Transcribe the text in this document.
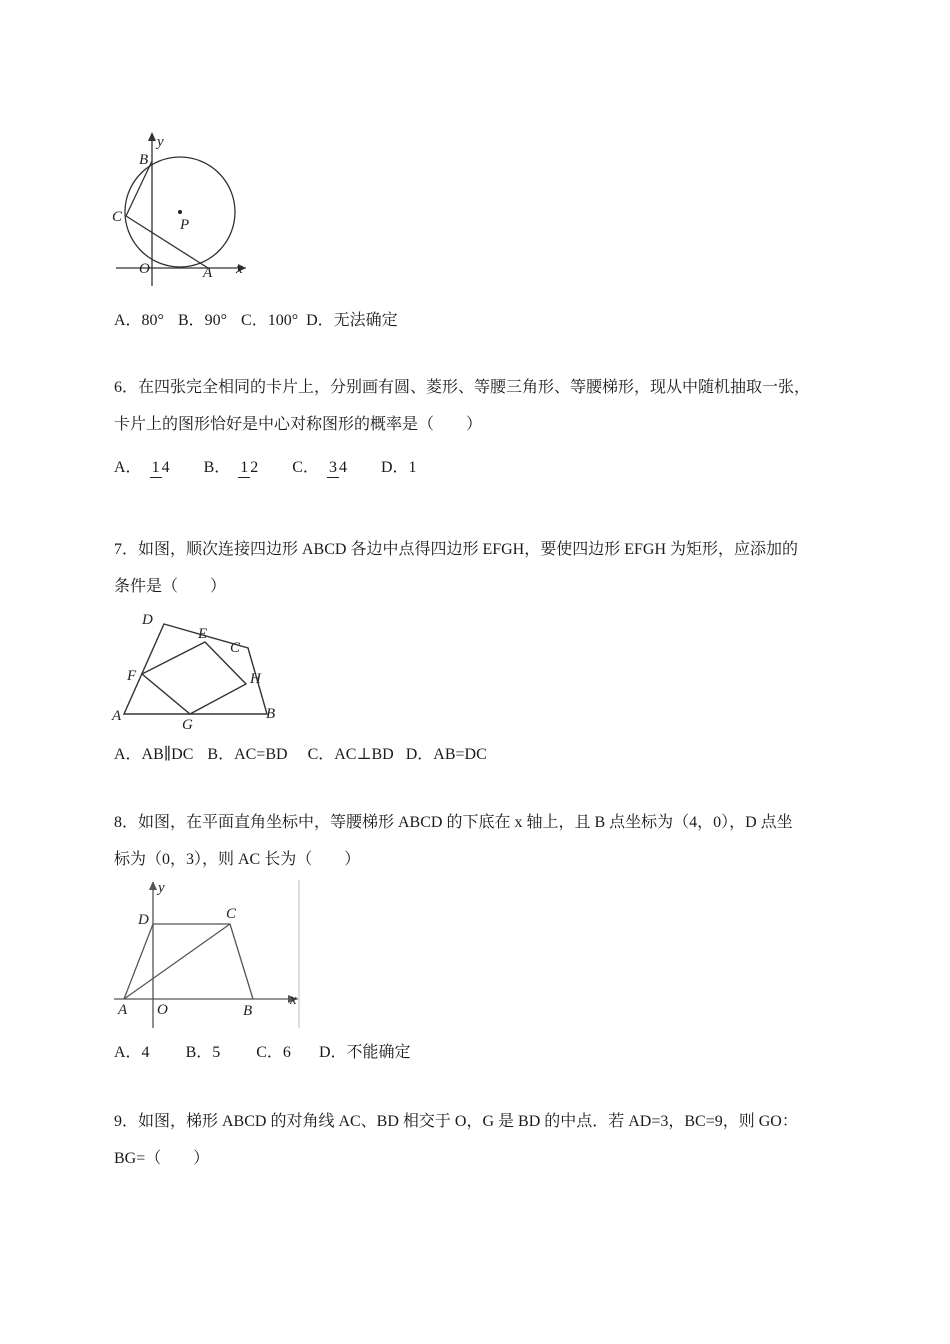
y
x
B
C	P
O	A
A．80° B．90° C．100° D．无法确定
6．在四张完全相同的卡片上，分别画有圆、菱形、等腰三角形、等腰梯形，现从中随机抽取一张，
卡片上的图形恰好是中心对称图形的概率是（　　）
A． 1 4 B． 1 2 C． 3 4 D．1
7．如图，顺次连接四边形 ABCD 各边中点得四边形 EFGH，要使四边形 EFGH 为矩形，应添加的
条件是（　　）
D
E
C
F	H
A
G
B
A．AB∥DC B．AC=BD C．AC⊥BD D．AB=DC
8．如图，在平面直角坐标中，等腰梯形 ABCD 的下底在 x 轴上，且 B 点坐标为（4，0），D 点坐
标为（0，3），则 AC 长为（　　）
y
x
D	C
A O	B
A．4 B．5 C．6 D．不能确定
9．如图，梯形 ABCD 的对角线 AC、BD 相交于 O，G 是 BD 的中点．若 AD=3，BC=9，则 GO：
BG=（　　）
